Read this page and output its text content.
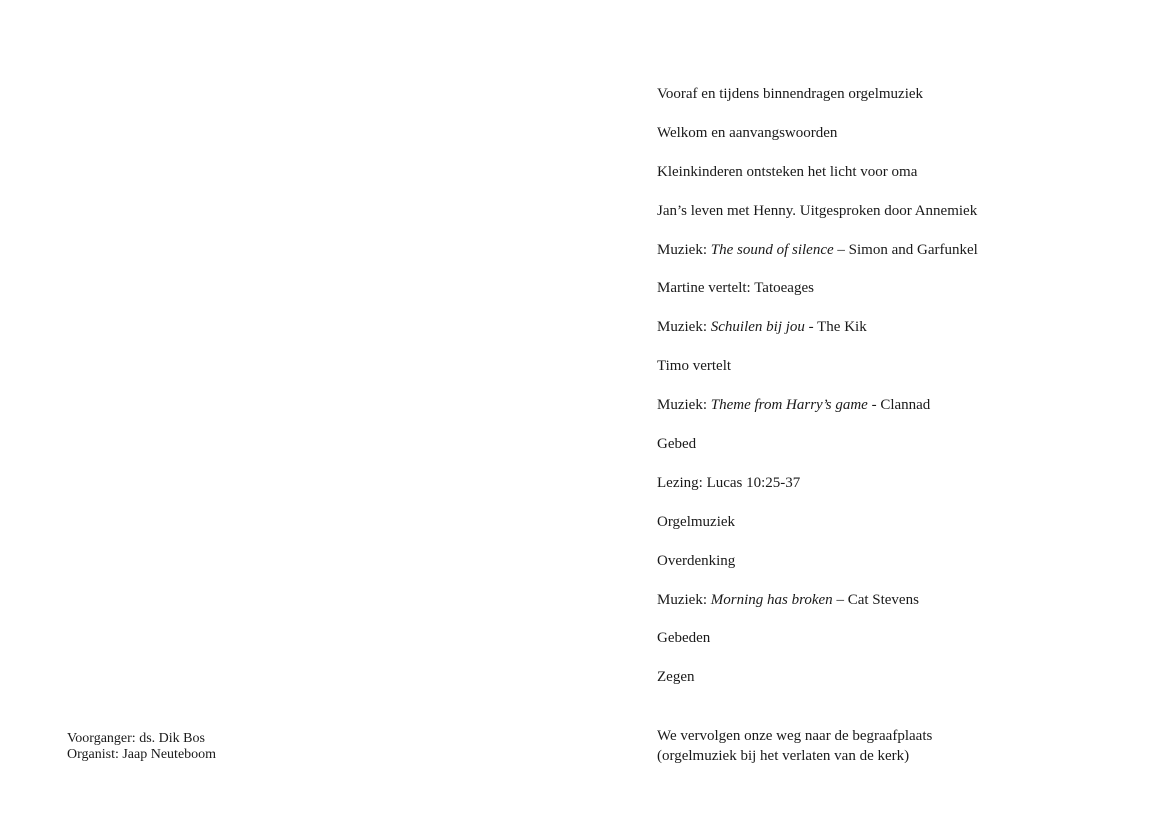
Voorganger: ds. Dik Bos
Organist: Jaap Neuteboom
Vooraf en tijdens binnendragen orgelmuziek
Welkom en aanvangswoorden
Kleinkinderen ontsteken het licht voor oma
Jan’s leven met Henny. Uitgesproken door Annemiek
Muziek: The sound of silence – Simon and Garfunkel
Martine vertelt: Tatoeages
Muziek: Schuilen bij jou - The Kik
Timo vertelt
Muziek: Theme from Harry’s game - Clannad
Gebed
Lezing: Lucas 10:25-37
Orgelmuziek
Overdenking
Muziek: Morning has broken – Cat Stevens
Gebeden
Zegen
We vervolgen onze weg naar de begraafplaats
(orgelmuziek bij het verlaten van de kerk)
